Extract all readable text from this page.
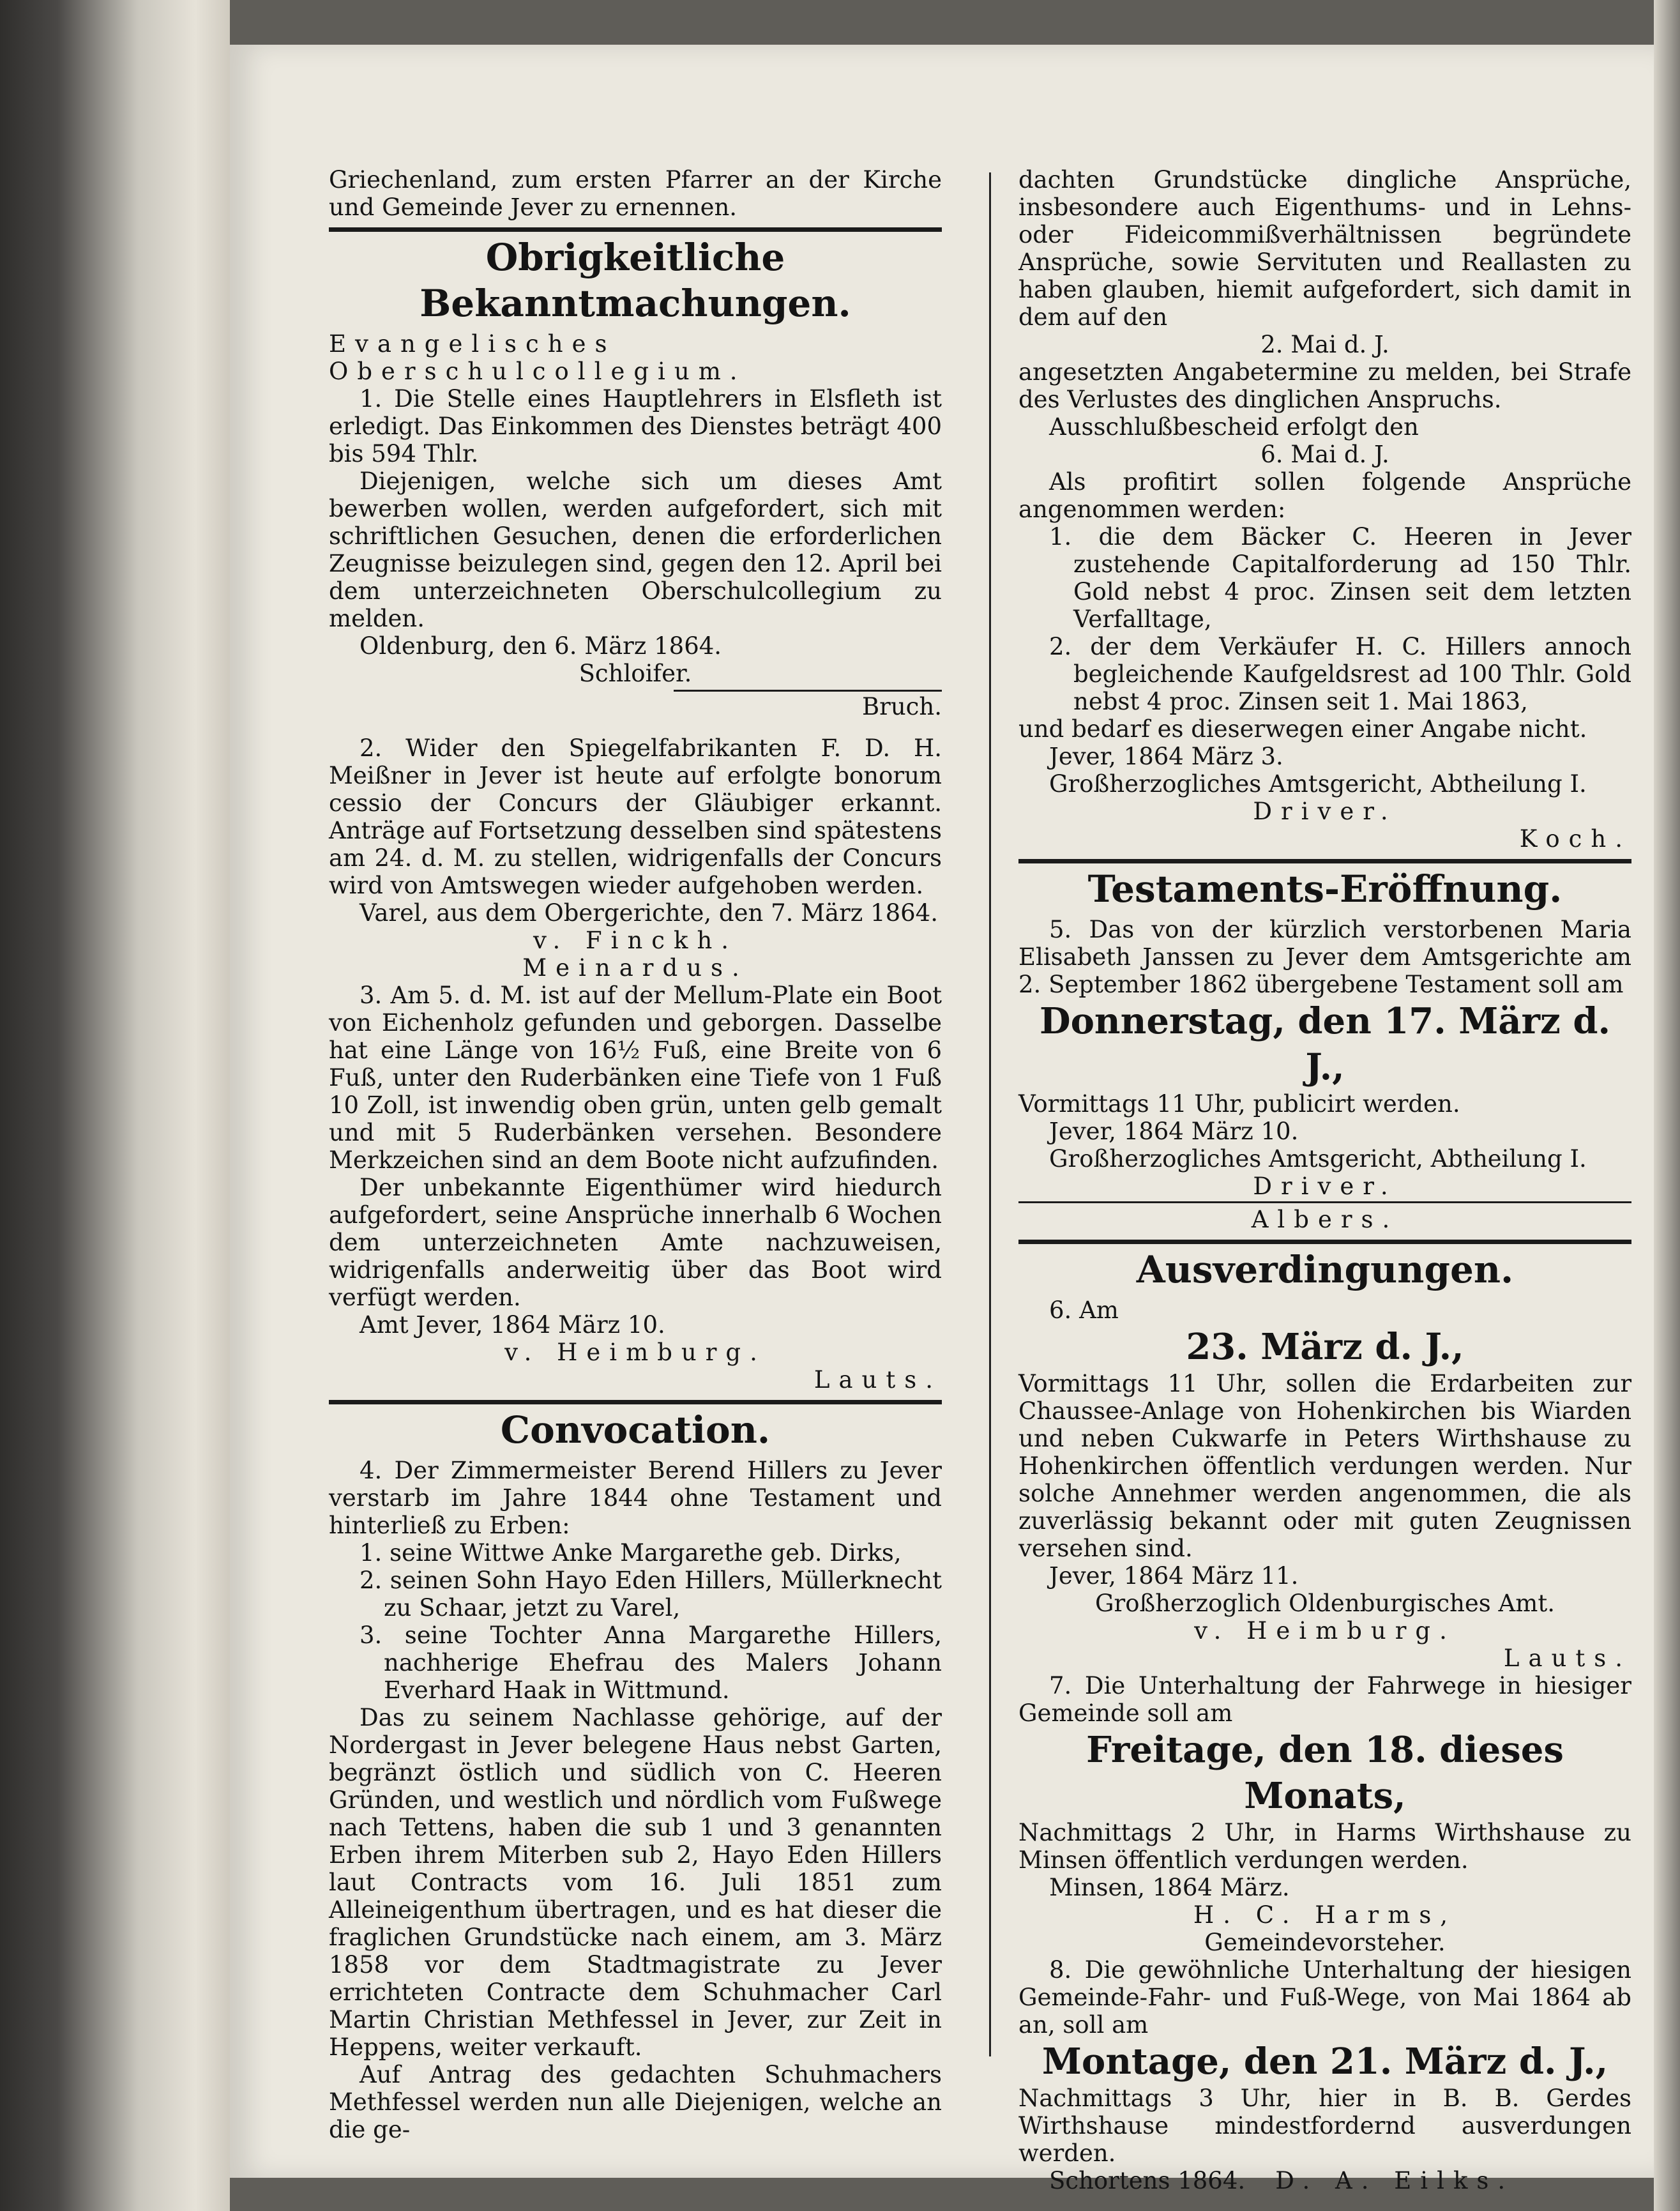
Griechenland, zum ersten Pfarrer an der Kirche und Gemeinde Jever zu ernennen.

Obrigkeitliche Bekanntmachungen.

Evangelisches Oberschulcollegium.

1. Die Stelle eines Hauptlehrers in Elsfleth ist erledigt. Das Einkommen des Dienstes beträgt 400 bis 594 Thlr.

Diejenigen, welche sich um dieses Amt bewerben wollen, werden aufgefordert, sich mit schriftlichen Gesuchen, denen die erforderlichen Zeugnisse beizulegen sind, gegen den 12. April bei dem unterzeichneten Oberschulcollegium zu melden.

Oldenburg, den 6. März 1864.

Schloifer.

Bruch.

2. Wider den Spiegelfabrikanten F. D. H. Meißner in Jever ist heute auf erfolgte bonorum cessio der Concurs der Gläubiger erkannt. Anträge auf Fortsetzung desselben sind spätestens am 24. d. M. zu stellen, widrigenfalls der Concurs wird von Amtswegen wieder aufgehoben werden.

Varel, aus dem Obergerichte, den 7. März 1864.

v. Finckh.

Meinardus.

3. Am 5. d. M. ist auf der Mellum-Plate ein Boot von Eichenholz gefunden und geborgen. Dasselbe hat eine Länge von 16½ Fuß, eine Breite von 6 Fuß, unter den Ruderbänken eine Tiefe von 1 Fuß 10 Zoll, ist inwendig oben grün, unten gelb gemalt und mit 5 Ruderbänken versehen. Besondere Merkzeichen sind an dem Boote nicht aufzufinden.

Der unbekannte Eigenthümer wird hiedurch aufgefordert, seine Ansprüche innerhalb 6 Wochen dem unterzeichneten Amte nachzuweisen, widrigenfalls anderweitig über das Boot wird verfügt werden.

Amt Jever, 1864 März 10.

v. Heimburg.

Lauts.

Convocation.

4. Der Zimmermeister Berend Hillers zu Jever verstarb im Jahre 1844 ohne Testament und hinterließ zu Erben:

1. seine Wittwe Anke Margarethe geb. Dirks,

2. seinen Sohn Hayo Eden Hillers, Müllerknecht zu Schaar, jetzt zu Varel,

3. seine Tochter Anna Margarethe Hillers, nachherige Ehefrau des Malers Johann Everhard Haak in Wittmund.

Das zu seinem Nachlasse gehörige, auf der Nordergast in Jever belegene Haus nebst Garten, begränzt östlich und südlich von C. Heeren Gründen, und westlich und nördlich vom Fußwege nach Tettens, haben die sub 1 und 3 genannten Erben ihrem Miterben sub 2, Hayo Eden Hillers laut Contracts vom 16. Juli 1851 zum Alleineigenthum übertragen, und es hat dieser die fraglichen Grundstücke nach einem, am 3. März 1858 vor dem Stadtmagistrate zu Jever errichteten Contracte dem Schuhmacher Carl Martin Christian Methfessel in Jever, zur Zeit in Heppens, weiter verkauft.

Auf Antrag des gedachten Schuhmachers Methfessel werden nun alle Diejenigen, welche an die ge-

dachten Grundstücke dingliche Ansprüche, insbesondere auch Eigenthums- und in Lehns- oder Fideicommißverhältnissen begründete Ansprüche, sowie Servituten und Reallasten zu haben glauben, hiemit aufgefordert, sich damit in dem auf den

2. Mai d. J.

angesetzten Angabetermine zu melden, bei Strafe des Verlustes des dinglichen Anspruchs.

Ausschlußbescheid erfolgt den

6. Mai d. J.

Als profitirt sollen folgende Ansprüche angenommen werden:

1. die dem Bäcker C. Heeren in Jever zustehende Capitalforderung ad 150 Thlr. Gold nebst 4 proc. Zinsen seit dem letzten Verfalltage,

2. der dem Verkäufer H. C. Hillers annoch begleichende Kaufgeldsrest ad 100 Thlr. Gold nebst 4 proc. Zinsen seit 1. Mai 1863,

und bedarf es dieserwegen einer Angabe nicht.

Jever, 1864 März 3.

Großherzogliches Amtsgericht, Abtheilung I.

Driver.

Koch.

Testaments-Eröffnung.

5. Das von der kürzlich verstorbenen Maria Elisabeth Janssen zu Jever dem Amtsgerichte am 2. September 1862 übergebene Testament soll am

Donnerstag, den 17. März d. J.,

Vormittags 11 Uhr, publicirt werden.

Jever, 1864 März 10.

Großherzogliches Amtsgericht, Abtheilung I.

Driver.

Albers.

Ausverdingungen.

6. Am

23. März d. J.,

Vormittags 11 Uhr, sollen die Erdarbeiten zur Chaussee-Anlage von Hohenkirchen bis Wiarden und neben Cukwarfe in Peters Wirthshause zu Hohenkirchen öffentlich verdungen werden. Nur solche Annehmer werden angenommen, die als zuverlässig bekannt oder mit guten Zeugnissen versehen sind.

Jever, 1864 März 11.

Großherzoglich Oldenburgisches Amt.

v. Heimburg.

Lauts.

7. Die Unterhaltung der Fahrwege in hiesiger Gemeinde soll am

Freitage, den 18. dieses Monats,

Nachmittags 2 Uhr, in Harms Wirthshause zu Minsen öffentlich verdungen werden.

Minsen, 1864 März.

H. C. Harms,

Gemeindevorsteher.

8. Die gewöhnliche Unterhaltung der hiesigen Gemeinde-Fahr- und Fuß-Wege, von Mai 1864 ab an, soll am

Montage, den 21. März d. J.,

Nachmittags 3 Uhr, hier in B. B. Gerdes Wirthshause mindestfordernd ausverdungen werden.

Schortens 1864. D. A. Eilks.
